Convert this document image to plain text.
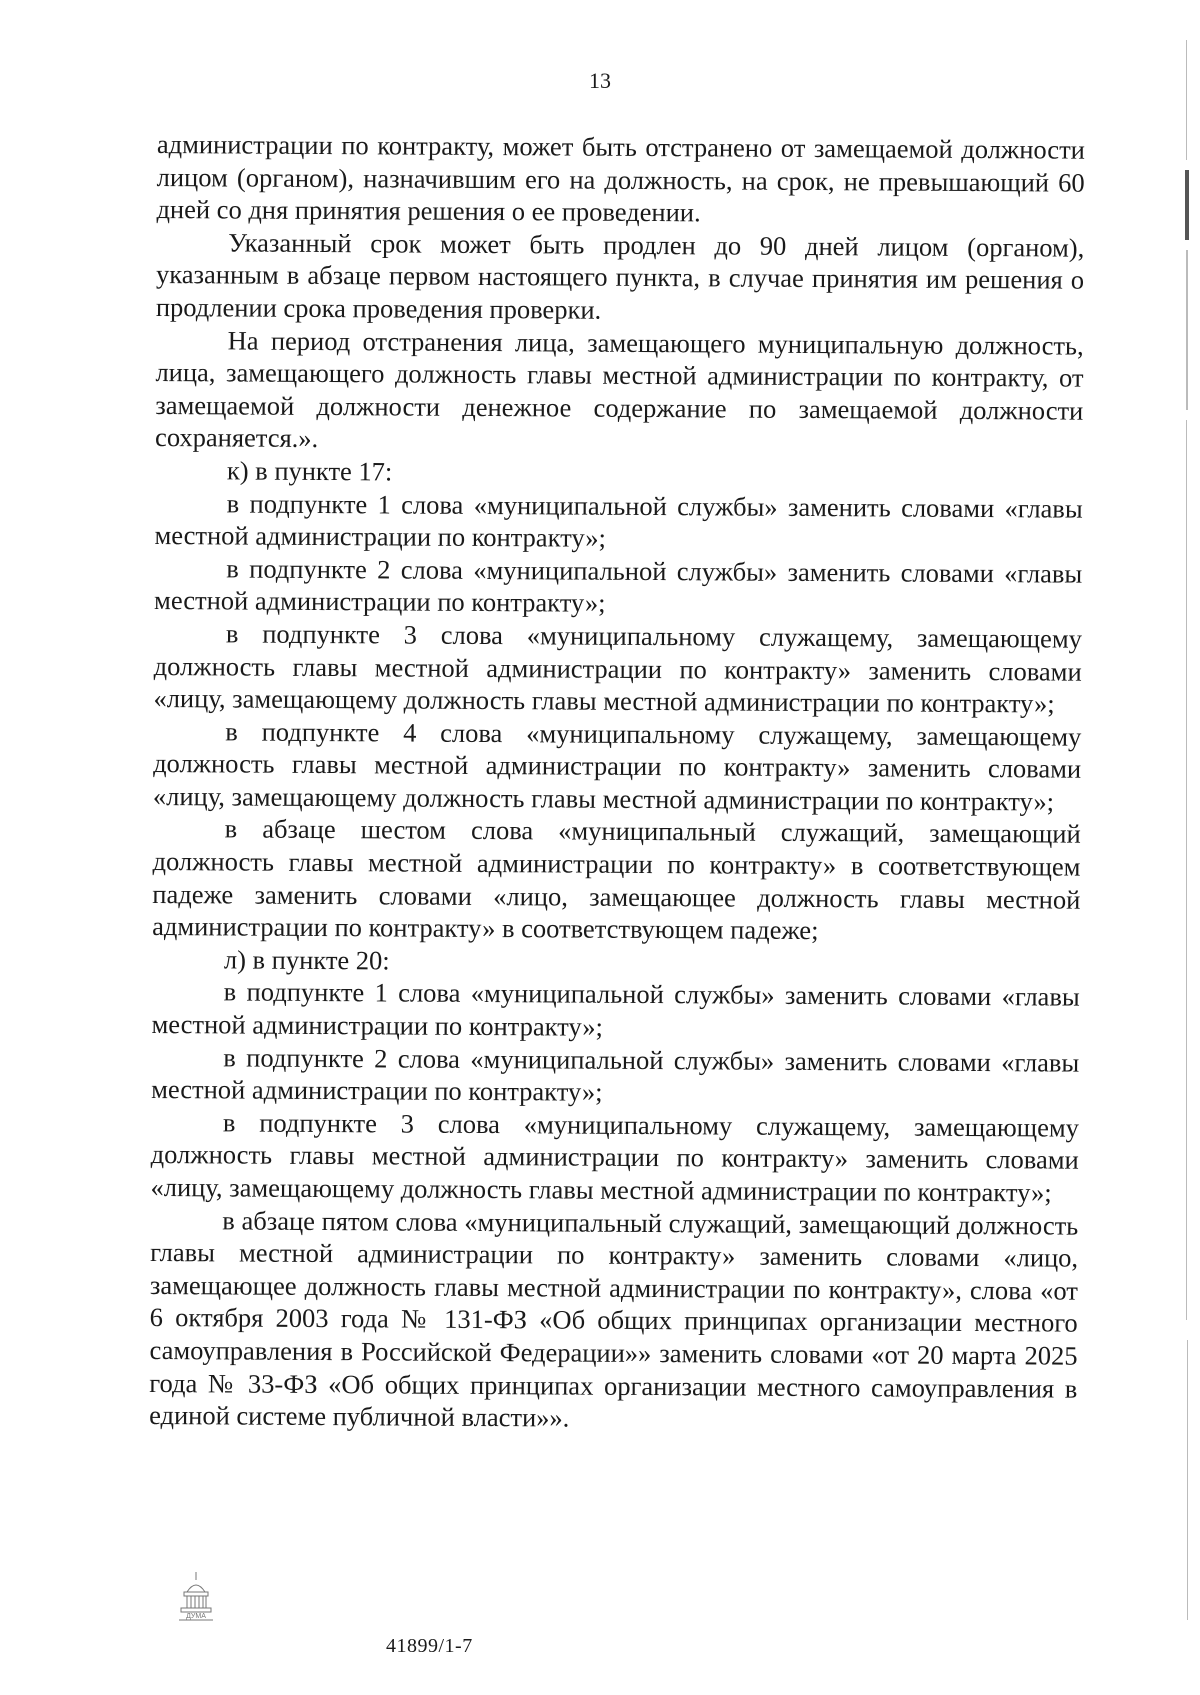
13

администрации по контракту, может быть отстранено от замещаемой должности лицом (органом), назначившим его на должность, на срок, не превышающий 60 дней со дня принятия решения о ее проведении.

Указанный срок может быть продлен до 90 дней лицом (органом), указанным в абзаце первом настоящего пункта, в случае принятия им решения о продлении срока проведения проверки.

На период отстранения лица, замещающего муниципальную должность, лица, замещающего должность главы местной администрации по контракту, от замещаемой должности денежное содержание по замещаемой должности сохраняется.».

к) в пункте 17:

в подпункте 1 слова «муниципальной службы» заменить словами «главы местной администрации по контракту»;

в подпункте 2 слова «муниципальной службы» заменить словами «главы местной администрации по контракту»;

в подпункте 3 слова «муниципальному служащему, замещающему должность главы местной администрации по контракту» заменить словами «лицу, замещающему должность главы местной администрации по контракту»;

в подпункте 4 слова «муниципальному служащему, замещающему должность главы местной администрации по контракту» заменить словами «лицу, замещающему должность главы местной администрации по контракту»;

в абзаце шестом слова «муниципальный служащий, замещающий должность главы местной администрации по контракту» в соответствующем падеже заменить словами «лицо, замещающее должность главы местной администрации по контракту» в соответствующем падеже;

л) в пункте 20:

в подпункте 1 слова «муниципальной службы» заменить словами «главы местной администрации по контракту»;

в подпункте 2 слова «муниципальной службы» заменить словами «главы местной администрации по контракту»;

в подпункте 3 слова «муниципальному служащему, замещающему должность главы местной администрации по контракту» заменить словами «лицу, замещающему должность главы местной администрации по контракту»;

в абзаце пятом слова «муниципальный служащий, замещающий должность главы местной администрации по контракту» заменить словами «лицо, замещающее должность главы местной администрации по контракту», слова «от 6 октября 2003 года № 131-ФЗ «Об общих принципах организации местного самоуправления в Российской Федерации»» заменить словами «от 20 марта 2025 года № 33-ФЗ «Об общих принципах организации местного самоуправления в единой системе публичной власти»».

ДУМА
41899/1-7
